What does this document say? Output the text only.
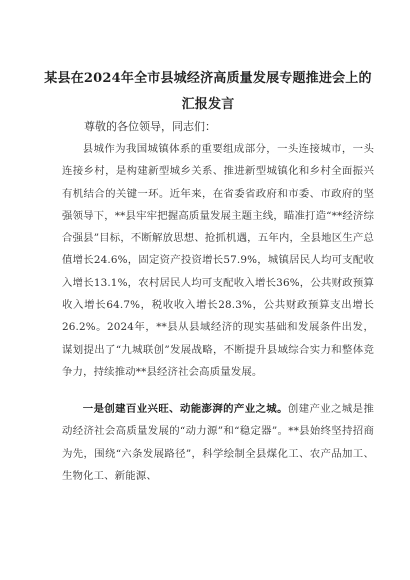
某县在2024年全市县城经济高质量发展专题推进会上的汇报发言
尊敬的各位领导，同志们：
县城作为我国城镇体系的重要组成部分，一头连接城市，一头连接乡村，是构建新型城乡关系、推进新型城镇化和乡村全面振兴有机结合的关键一环。近年来，在省委省政府和市委、市政府的坚强领导下，**县牢牢把握高质量发展主题主线，瞄准打造“**经济综合强县”目标，不断解放思想、抢抓机遇，五年内，全县地区生产总值增长24.6%，固定资产投资增长57.9%，城镇居民人均可支配收入增长13.1%，农村居民人均可支配收入增长36%，公共财政预算收入增长64.7%，税收收入增长28.3%，公共财政预算支出增长26.2%。2024年，**县从县域经济的现实基础和发展条件出发，谋划提出了“九城联创”发展战略，不断提升县域综合实力和整体竞争力，持续推动**县经济社会高质量发展。
一是创建百业兴旺、动能澎湃的产业之城。创建产业之城是推动经济社会高质量发展的“动力源”和“稳定器”。**县始终坚持招商为先，围绕“六条发展路径”，科学绘制全县煤化工、农产品加工、生物化工、新能源、
